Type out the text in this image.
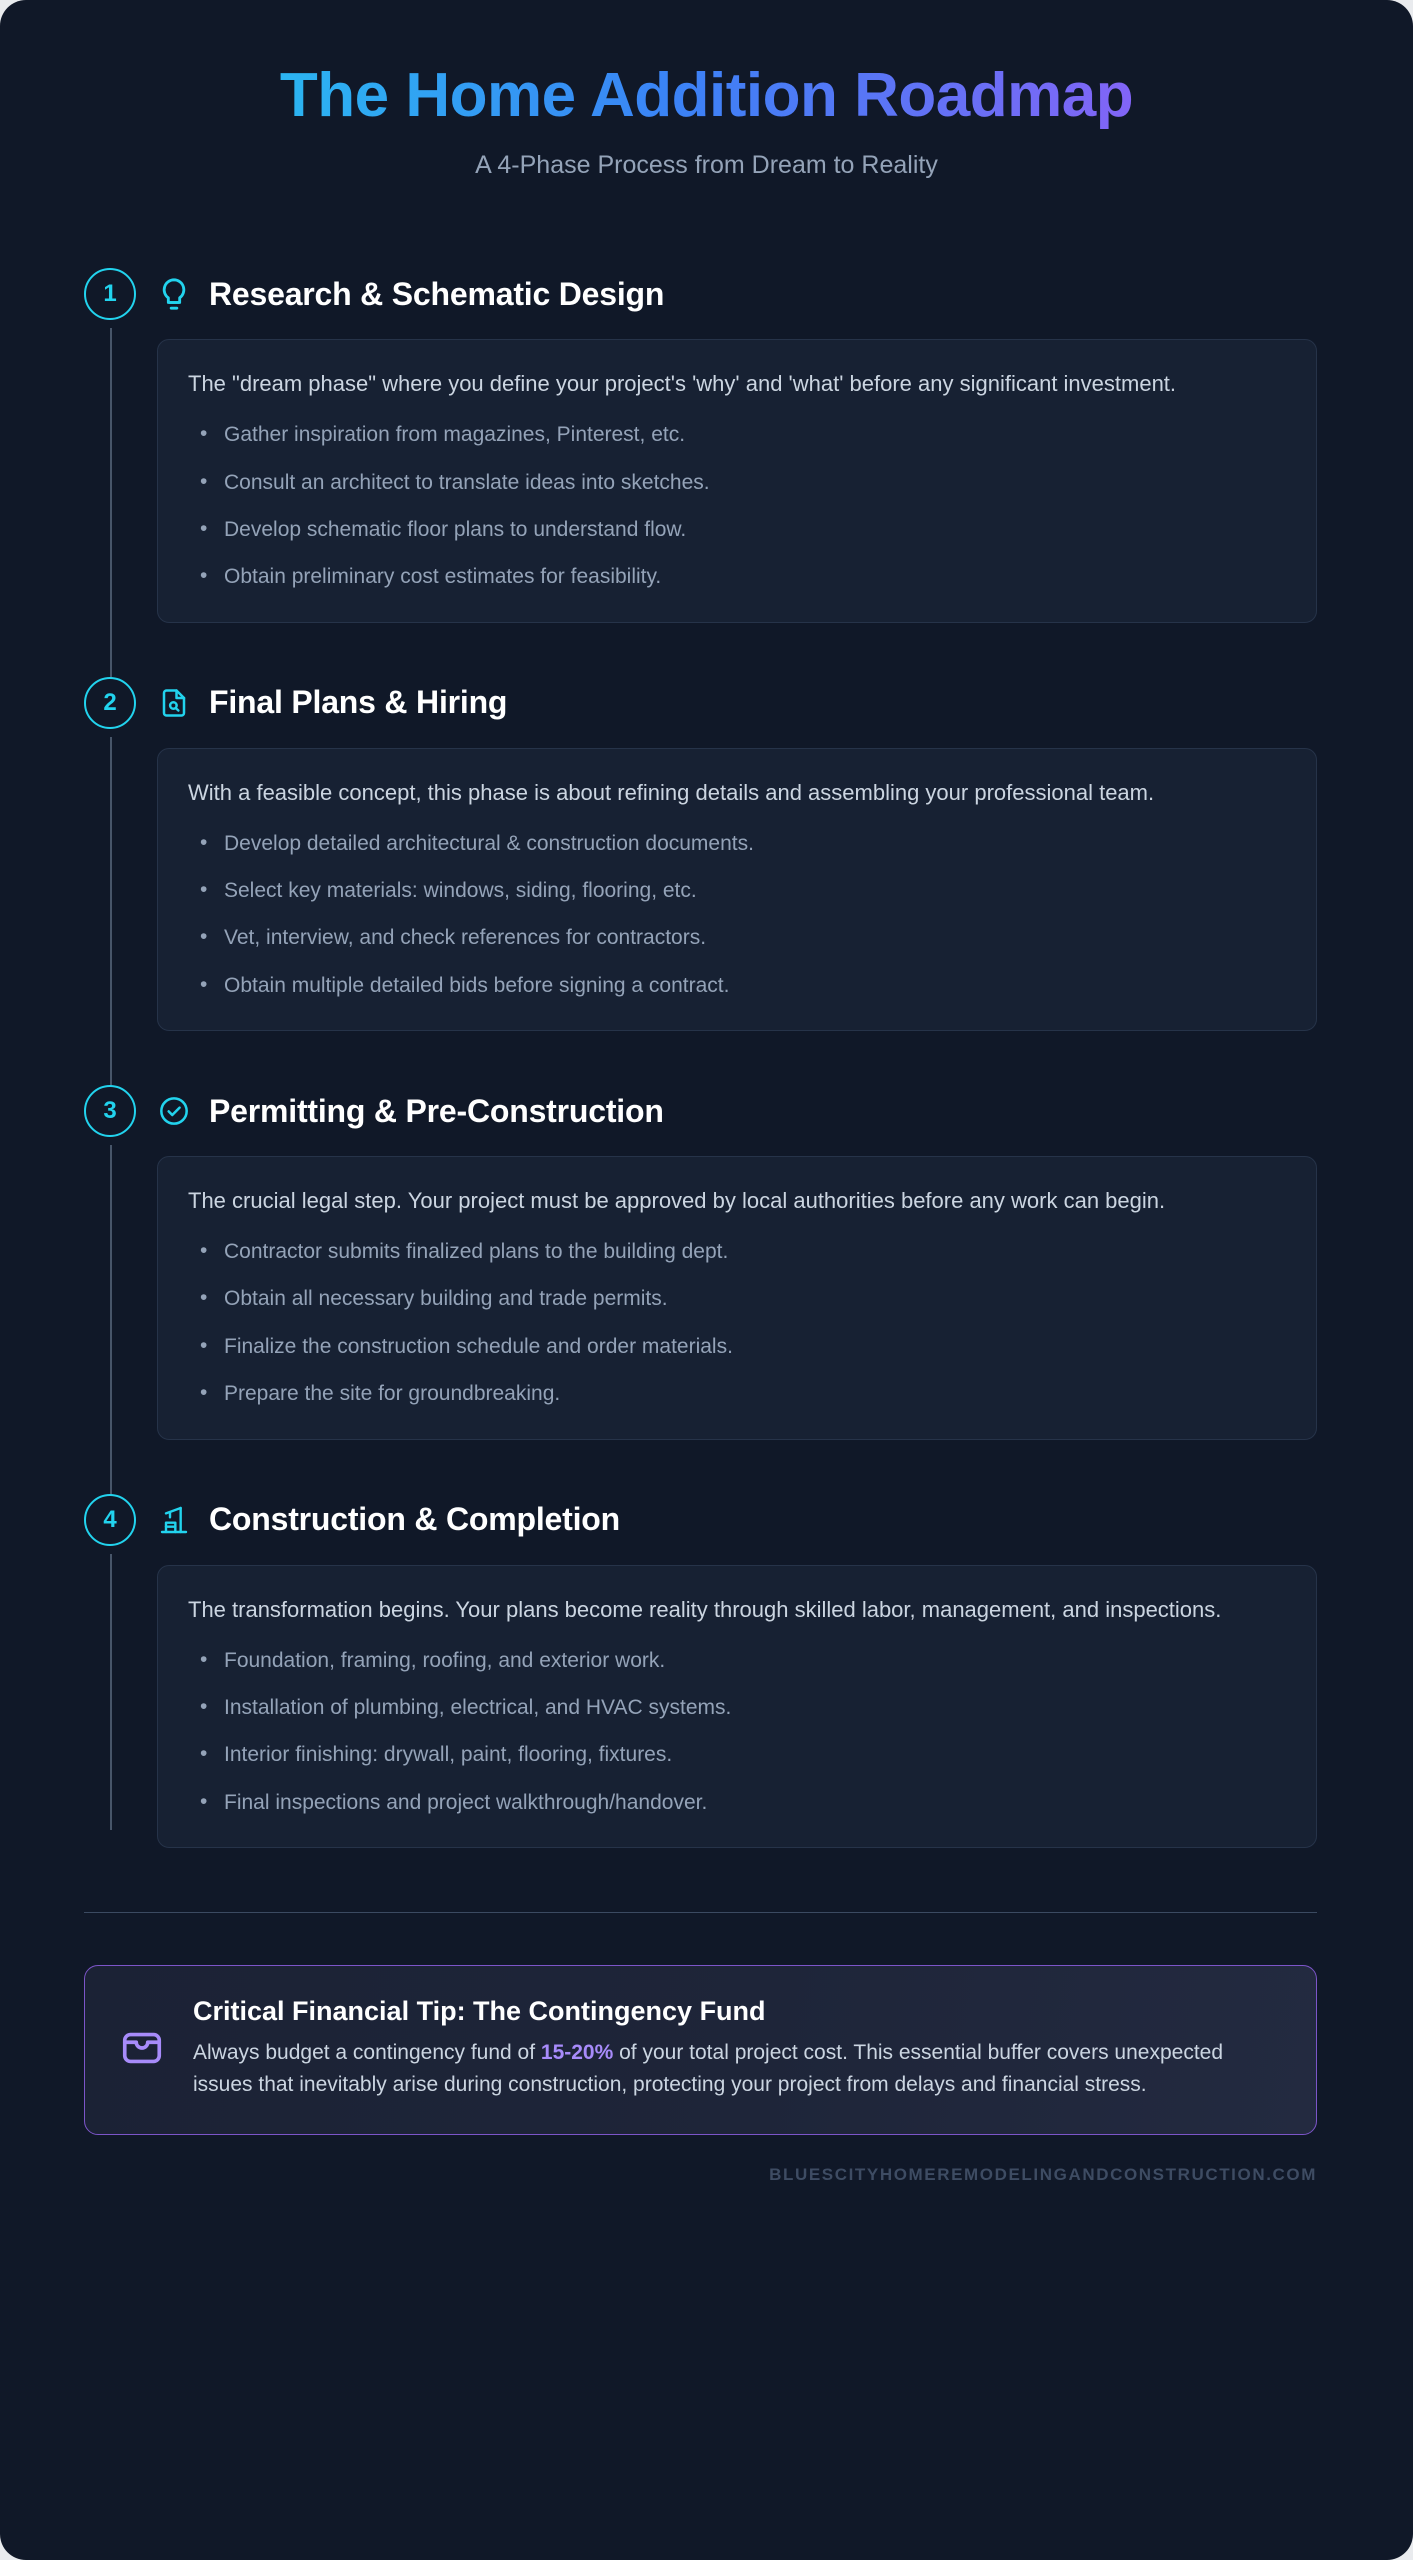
The Home Addition Roadmap
A 4-Phase Process from Dream to Reality
1	Research & Schematic Design

The "dream phase" where you define your project's 'why' and 'what' before any significant investment.

• Gather inspiration from magazines, Pinterest, etc.
• Consult an architect to translate ideas into sketches.
• Develop schematic floor plans to understand flow.
• Obtain preliminary cost estimates for feasibility.
2	Final Plans & Hiring

With a feasible concept, this phase is about refining details and assembling your professional team.

• Develop detailed architectural & construction documents.
• Select key materials: windows, siding, flooring, etc.
• Vet, interview, and check references for contractors.
• Obtain multiple detailed bids before signing a contract.
3	Permitting & Pre-Construction

The crucial legal step. Your project must be approved by local authorities before any work can begin.

• Contractor submits finalized plans to the building dept.
• Obtain all necessary building and trade permits.
• Finalize the construction schedule and order materials.
• Prepare the site for groundbreaking.
4	Construction & Completion

The transformation begins. Your plans become reality through skilled labor, management, and inspections.

• Foundation, framing, roofing, and exterior work.
• Installation of plumbing, electrical, and HVAC systems.
• Interior finishing: drywall, paint, flooring, fixtures.
• Final inspections and project walkthrough/handover.
Critical Financial Tip: The Contingency Fund
Always budget a contingency fund of 15-20% of your total project cost. This essential buffer covers unexpected issues that inevitably arise during construction, protecting your project from delays and financial stress.
BLUESCITYHOMEREMODELINGANDCONSTRUCTION.COM
